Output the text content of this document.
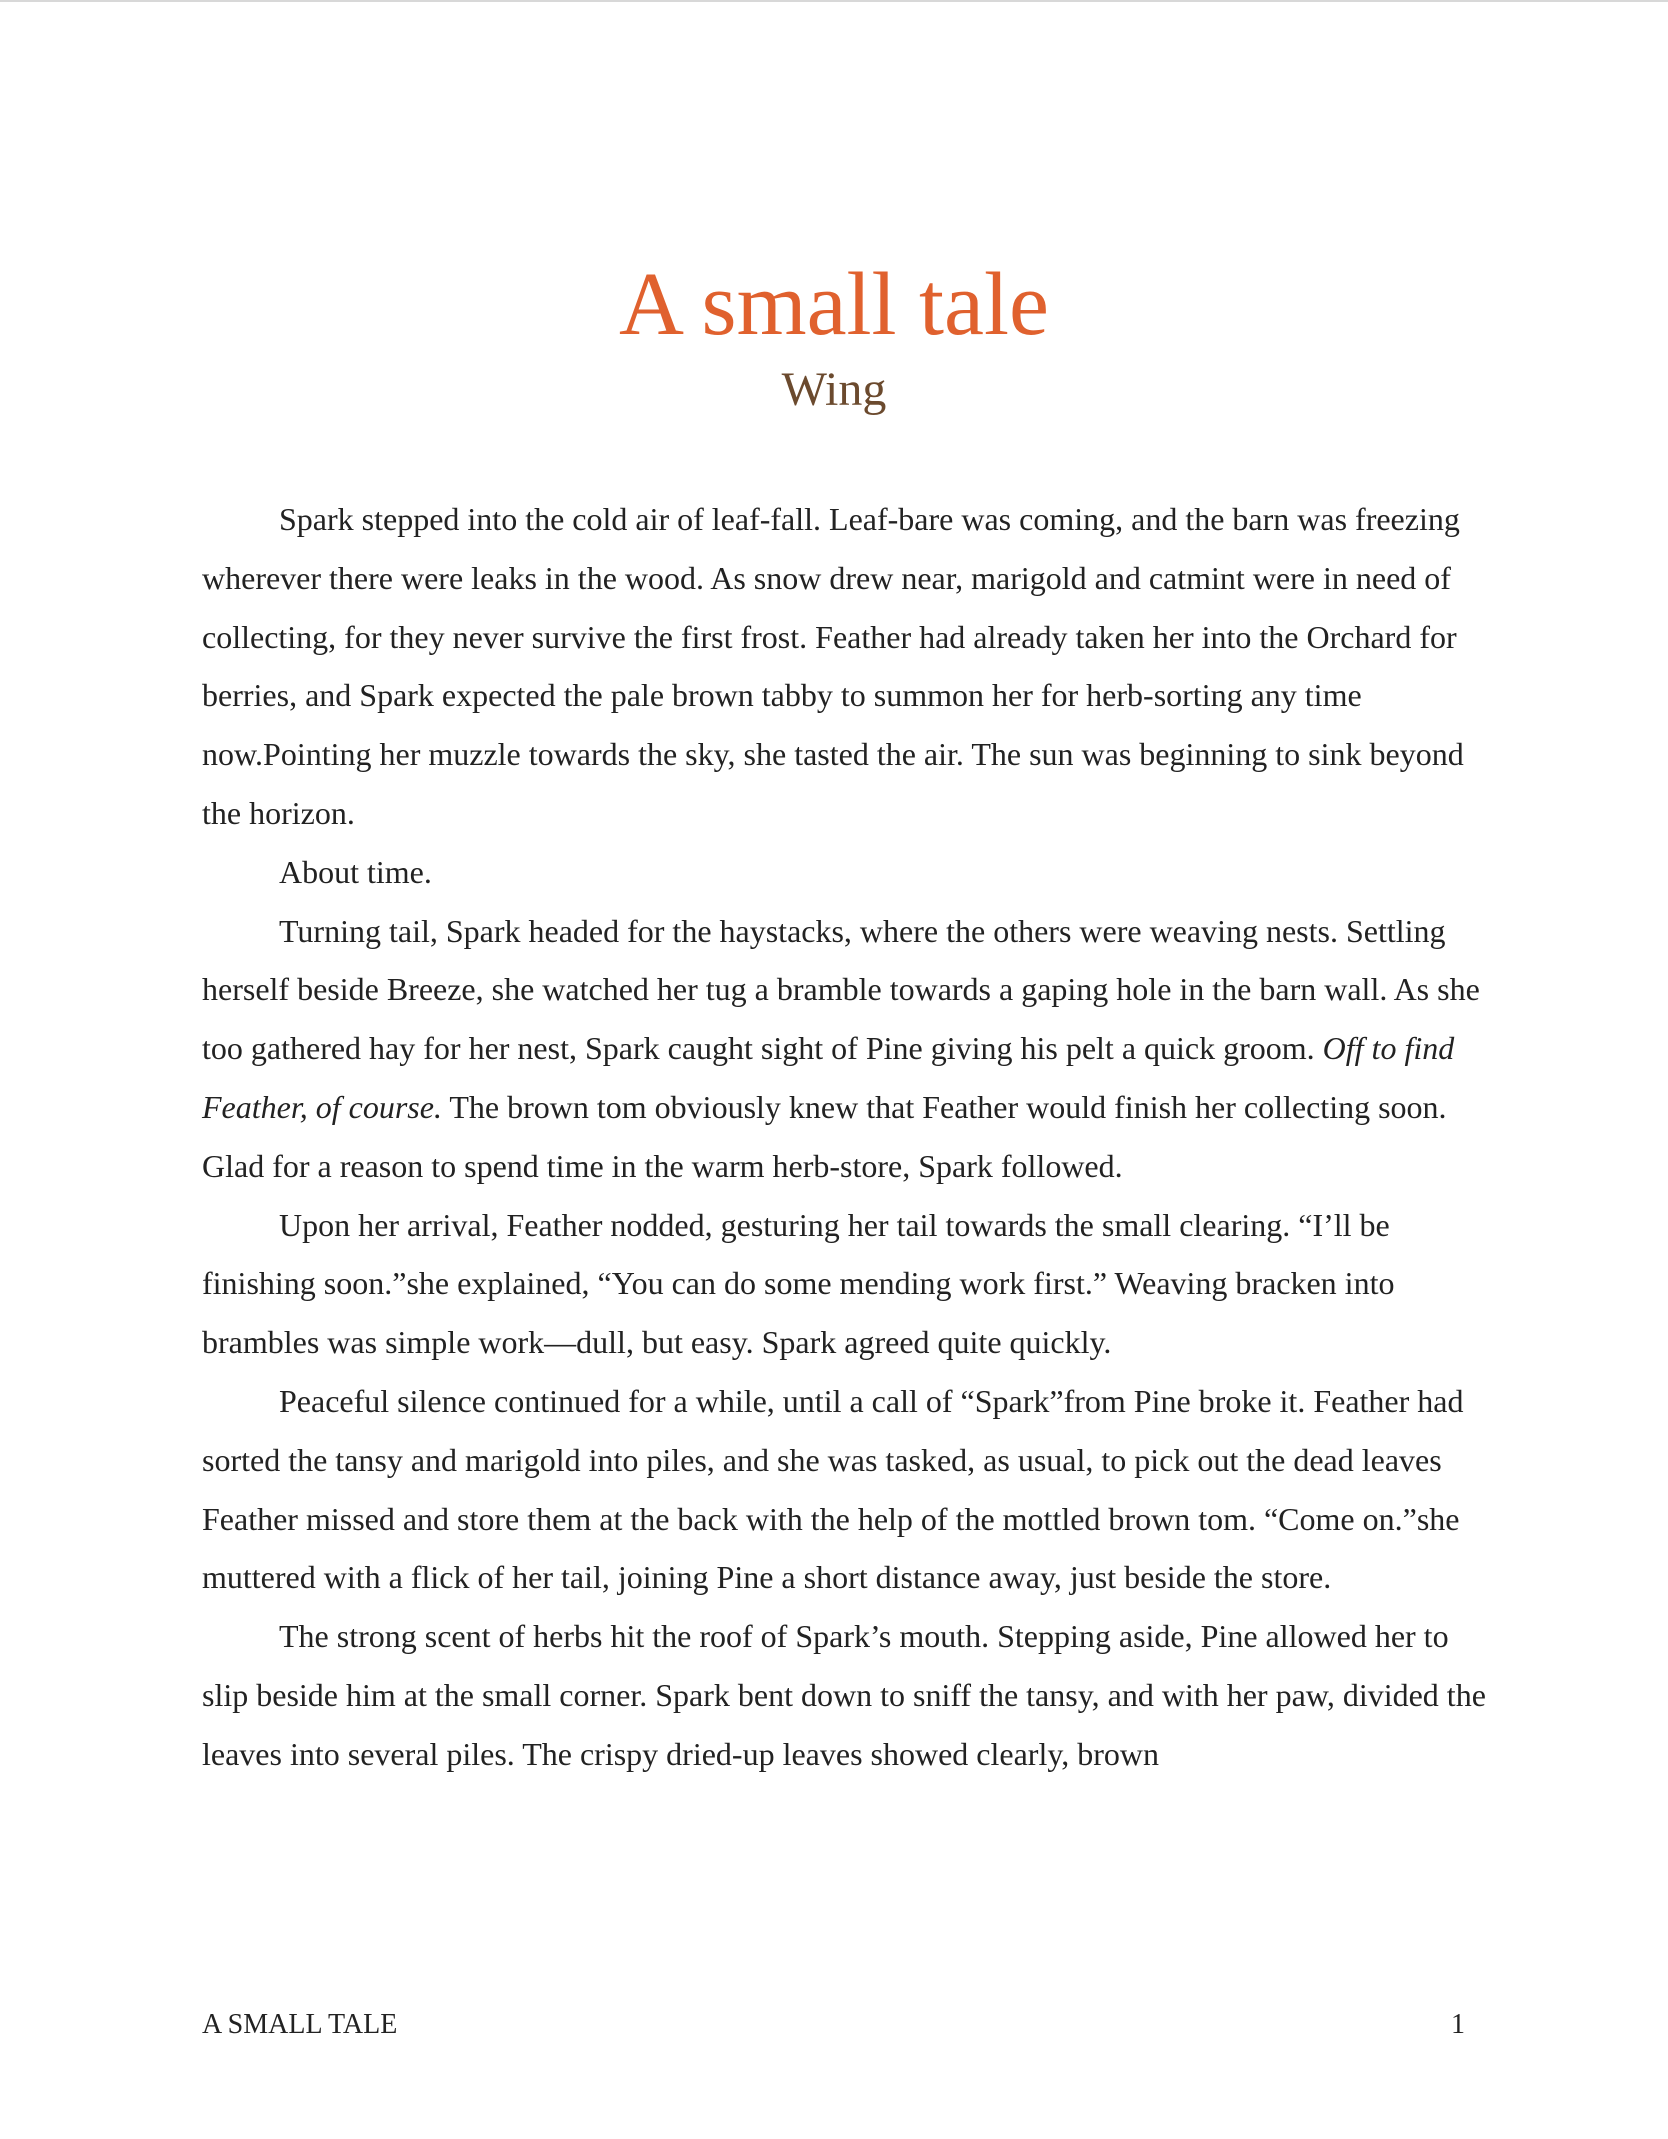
A small tale
Wing

Spark stepped into the cold air of leaf-fall. Leaf-bare was coming, and the barn was freezing wherever there were leaks in the wood. As snow drew near, marigold and catmint were in need of collecting, for they never survive the first frost. Feather had already taken her into the Orchard for berries, and Spark expected the pale brown tabby to summon her for herb-sorting any time now.Pointing her muzzle towards the sky, she tasted the air. The sun was beginning to sink beyond the horizon.

About time.

Turning tail, Spark headed for the haystacks, where the others were weaving nests. Settling herself beside Breeze, she watched her tug a bramble towards a gaping hole in the barn wall. As she too gathered hay for her nest, Spark caught sight of Pine giving his pelt a quick groom. Off to find Feather, of course. The brown tom obviously knew that Feather would finish her collecting soon. Glad for a reason to spend time in the warm herb-store, Spark followed.

Upon her arrival, Feather nodded, gesturing her tail towards the small clearing. “I’ll be finishing soon.”she explained, “You can do some mending work first.” Weaving bracken into brambles was simple work—dull, but easy. Spark agreed quite quickly.

Peaceful silence continued for a while, until a call of “Spark”from Pine broke it. Feather had sorted the tansy and marigold into piles, and she was tasked, as usual, to pick out the dead leaves Feather missed and store them at the back with the help of the mottled brown tom. “Come on.”she muttered with a flick of her tail, joining Pine a short distance away, just beside the store.

The strong scent of herbs hit the roof of Spark’s mouth. Stepping aside, Pine allowed her to slip beside him at the small corner. Spark bent down to sniff the tansy, and with her paw, divided the leaves into several piles. The crispy dried-up leaves showed clearly, brown

A SMALL TALE	1
